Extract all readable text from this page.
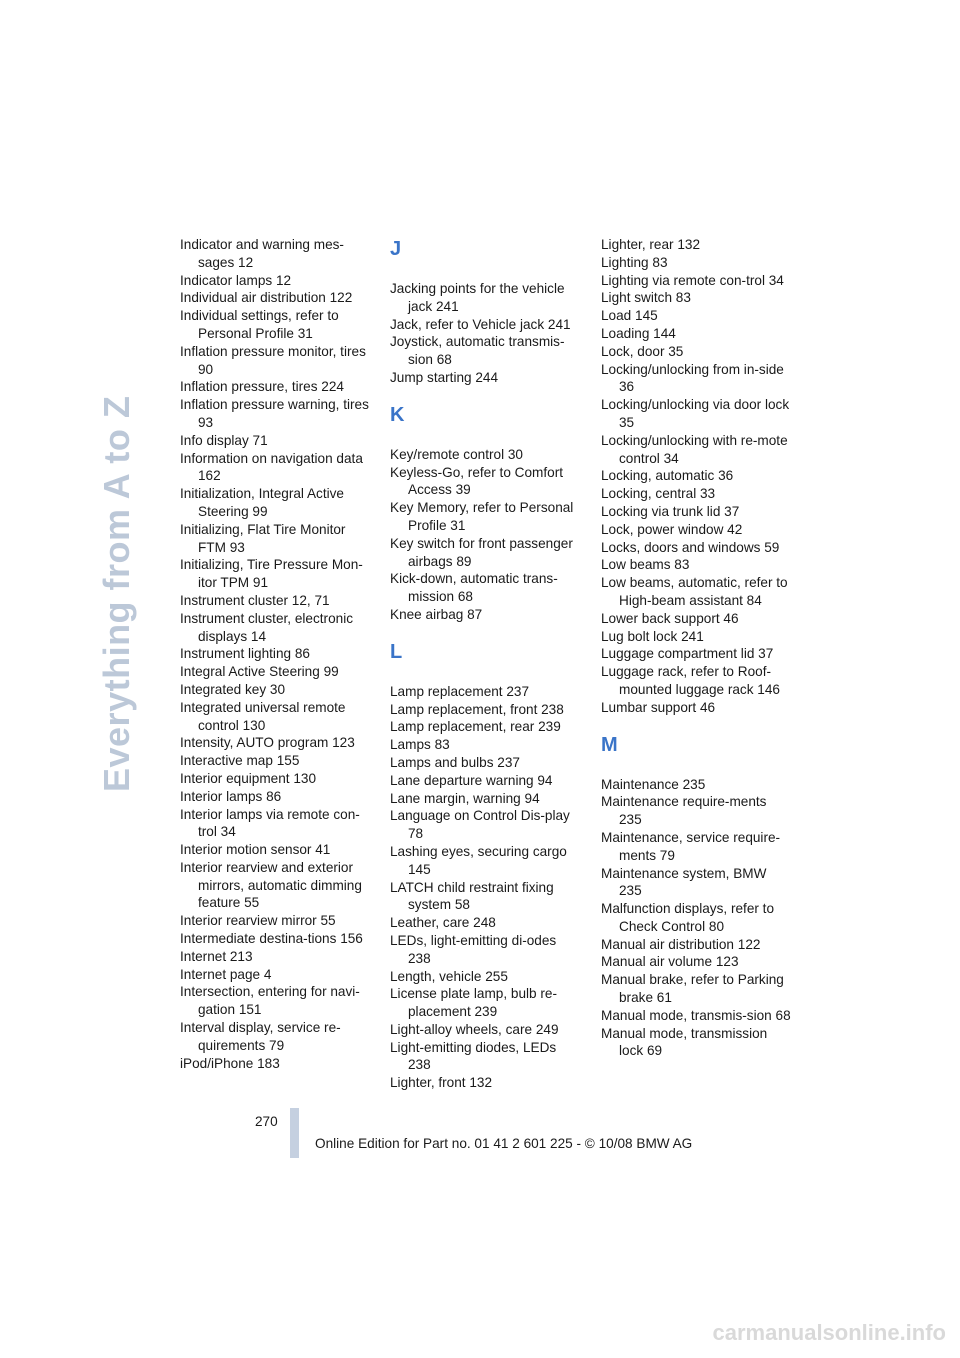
Everything from A to Z
Indicator and warning mes-sages 12
Indicator lamps 12
Individual air distribution 122
Individual settings, refer to Personal Profile 31
Inflation pressure monitor, tires 90
Inflation pressure, tires 224
Inflation pressure warning, tires 93
Info display 71
Information on navigation data 162
Initialization, Integral Active Steering 99
Initializing, Flat Tire Monitor FTM 93
Initializing, Tire Pressure Mon-itor TPM 91
Instrument cluster 12, 71
Instrument cluster, electronic displays 14
Instrument lighting 86
Integral Active Steering 99
Integrated key 30
Integrated universal remote control 130
Intensity, AUTO program 123
Interactive map 155
Interior equipment 130
Interior lamps 86
Interior lamps via remote con-trol 34
Interior motion sensor 41
Interior rearview and exterior mirrors, automatic dimming feature 55
Interior rearview mirror 55
Intermediate destina-tions 156
Internet 213
Internet page 4
Intersection, entering for navi-gation 151
Interval display, service re-quirements 79
iPod/iPhone 183
J
Jacking points for the vehicle jack 241
Jack, refer to Vehicle jack 241
Joystick, automatic transmis-sion 68
Jump starting 244
K
Key/remote control 30
Keyless-Go, refer to Comfort Access 39
Key Memory, refer to Personal Profile 31
Key switch for front passenger airbags 89
Kick-down, automatic trans-mission 68
Knee airbag 87
L
Lamp replacement 237
Lamp replacement, front 238
Lamp replacement, rear 239
Lamps 83
Lamps and bulbs 237
Lane departure warning 94
Lane margin, warning 94
Language on Control Dis-play 78
Lashing eyes, securing cargo 145
LATCH child restraint fixing system 58
Leather, care 248
LEDs, light-emitting di-odes 238
Length, vehicle 255
License plate lamp, bulb re-placement 239
Light-alloy wheels, care 249
Light-emitting diodes, LEDs 238
Lighter, front 132
Lighter, rear 132
Lighting 83
Lighting via remote con-trol 34
Light switch 83
Load 145
Loading 144
Lock, door 35
Locking/unlocking from in-side 36
Locking/unlocking via door lock 35
Locking/unlocking with re-mote control 34
Locking, automatic 36
Locking, central 33
Locking via trunk lid 37
Lock, power window 42
Locks, doors and windows 59
Low beams 83
Low beams, automatic, refer to High-beam assistant 84
Lower back support 46
Lug bolt lock 241
Luggage compartment lid 37
Luggage rack, refer to Roof-mounted luggage rack 146
Lumbar support 46
M
Maintenance 235
Maintenance require-ments 235
Maintenance, service require-ments 79
Maintenance system, BMW 235
Malfunction displays, refer to Check Control 80
Manual air distribution 122
Manual air volume 123
Manual brake, refer to Parking brake 61
Manual mode, transmis-sion 68
Manual mode, transmission lock 69
270
Online Edition for Part no. 01 41 2 601 225 - © 10/08 BMW AG
carmanualsonline.info
